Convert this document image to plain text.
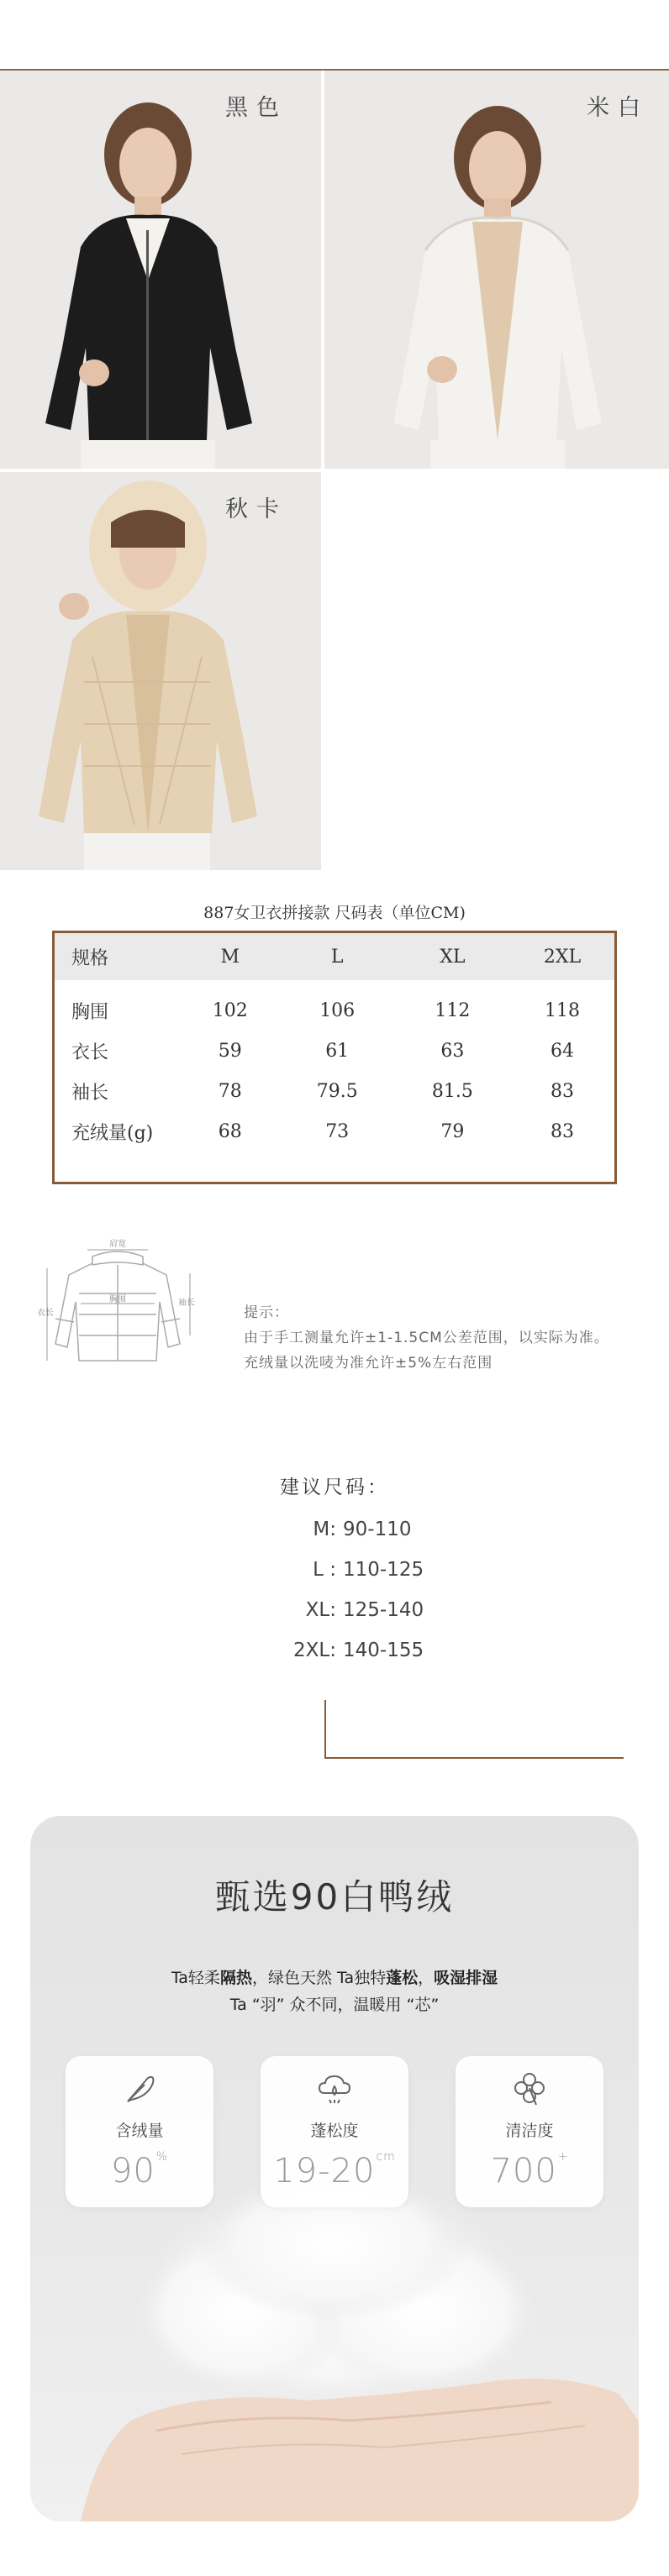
黑色	米白
秋卡
887女卫衣拼接款 尺码表（单位CM)
规格	M	L	XL	2XL

胸围	102	106	112	118
衣长	59	61	63	64
袖长	78	79.5	81.5	83
充绒量(g)	68	73	79	83
肩宽
胸围
衣长
袖长
提示：
由于手工测量允许±1-1.5CM公差范围，以实际为准。
充绒量以洗唛为准允许±5%左右范围
建议尺码：
M: 90-110
L : 110-125
XL: 125-140
2XL: 140-155
甄选90白鸭绒
Ta轻柔隔热，绿色天然 Ta独特蓬松，吸湿排湿
Ta “羽” 众不同，温暖用 “芯”
含绒量
90%
蓬松度
$19-20^{cm}$
清洁度
700+
